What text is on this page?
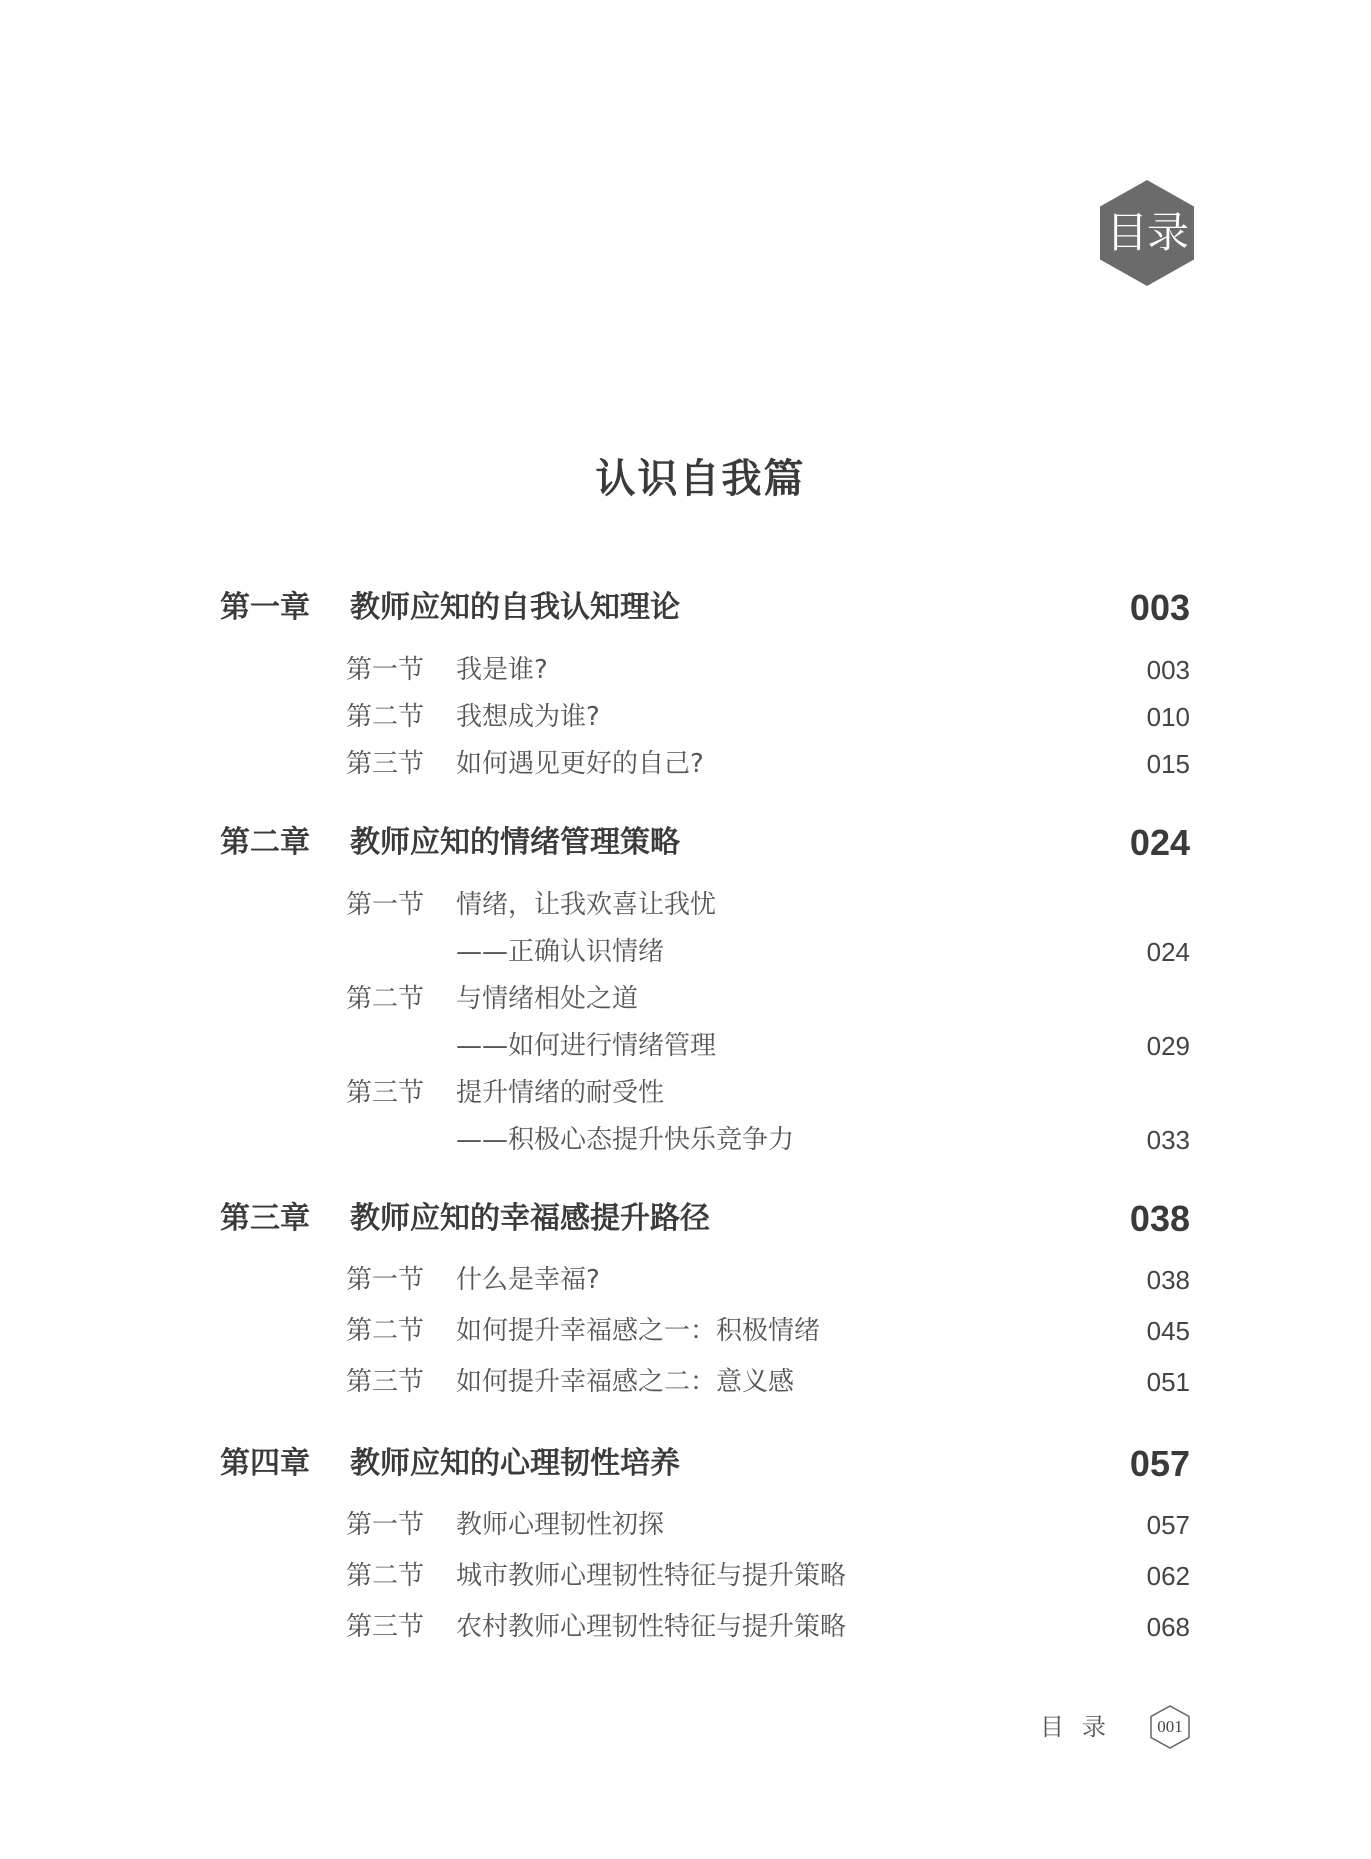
目录
认识自我篇
第一章 教师应知的自我认知理论	003
第一节 我是谁?	003
第二节 我想成为谁?	010
第三节 如何遇见更好的自己?	015
第二章 教师应知的情绪管理策略	024
第一节 情绪，让我欢喜让我忧
——正确认识情绪	024
第二节 与情绪相处之道
——如何进行情绪管理	029
第三节 提升情绪的耐受性
——积极心态提升快乐竞争力	033
第三章 教师应知的幸福感提升路径	038
第一节 什么是幸福?	038
第二节 如何提升幸福感之一：积极情绪	045
第三节 如何提升幸福感之二：意义感	051
第四章 教师应知的心理韧性培养	057
第一节 教师心理韧性初探	057
第二节 城市教师心理韧性特征与提升策略	062
第三节 农村教师心理韧性特征与提升策略	068
目录	001
